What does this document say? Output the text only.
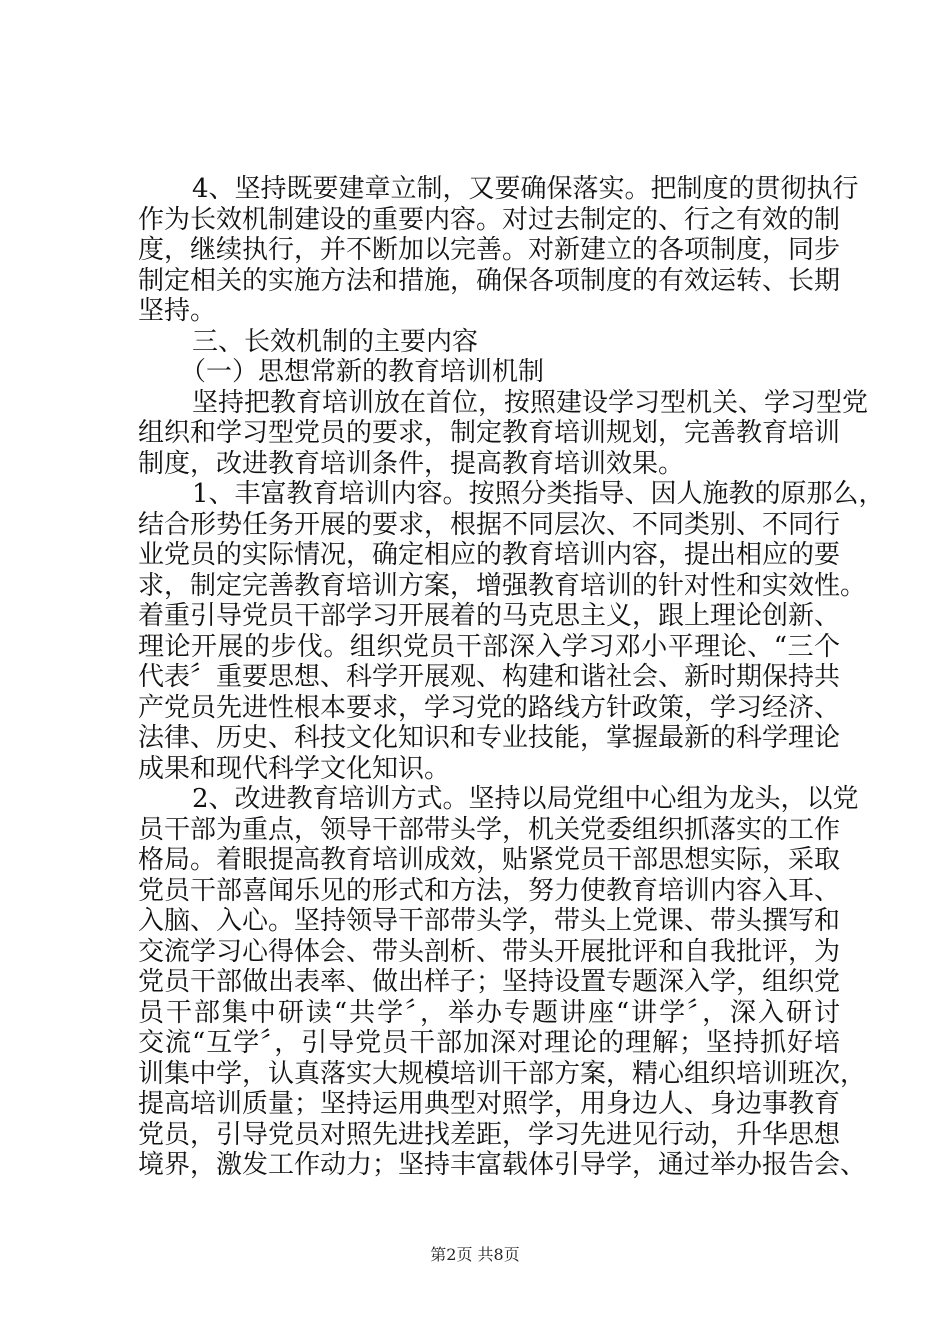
4、坚持既要建章立制，又要确保落实。把制度的贯彻执行
作为长效机制建设的重要内容。对过去制定的、行之有效的制
度，继续执行，并不断加以完善。对新建立的各项制度，同步
制定相关的实施方法和措施，确保各项制度的有效运转、长期
坚持。
三、长效机制的主要内容
（一）思想常新的教育培训机制
坚持把教育培训放在首位，按照建设学习型机关、学习型党
组织和学习型党员的要求，制定教育培训规划，完善教育培训
制度，改进教育培训条件，提高教育培训效果。
1、丰富教育培训内容。按照分类指导、因人施教的原那么，
结合形势任务开展的要求，根据不同层次、不同类别、不同行
业党员的实际情况，确定相应的教育培训内容，提出相应的要
求，制定完善教育培训方案，增强教育培训的针对性和实效性。
着重引导党员干部学习开展着的马克思主义，跟上理论创新、
理论开展的步伐。组织党员干部深入学习邓小平理论、“三个
代表〞重要思想、科学开展观、构建和谐社会、新时期保持共
产党员先进性根本要求，学习党的路线方针政策，学习经济、
法律、历史、科技文化知识和专业技能，掌握最新的科学理论
成果和现代科学文化知识。
2、改进教育培训方式。坚持以局党组中心组为龙头，以党
员干部为重点，领导干部带头学，机关党委组织抓落实的工作
格局。着眼提高教育培训成效，贴紧党员干部思想实际，采取
党员干部喜闻乐见的形式和方法，努力使教育培训内容入耳、
入脑、入心。坚持领导干部带头学，带头上党课、带头撰写和
交流学习心得体会、带头剖析、带头开展批评和自我批评，为
党员干部做出表率、做出样子；坚持设置专题深入学，组织党
员干部集中研读“共学〞，举办专题讲座“讲学〞，深入研讨
交流“互学〞，引导党员干部加深对理论的理解；坚持抓好培
训集中学，认真落实大规模培训干部方案，精心组织培训班次，
提高培训质量；坚持运用典型对照学，用身边人、身边事教育
党员，引导党员对照先进找差距，学习先进见行动，升华思想
境界，激发工作动力；坚持丰富载体引导学，通过举办报告会、
第2页 共8页
